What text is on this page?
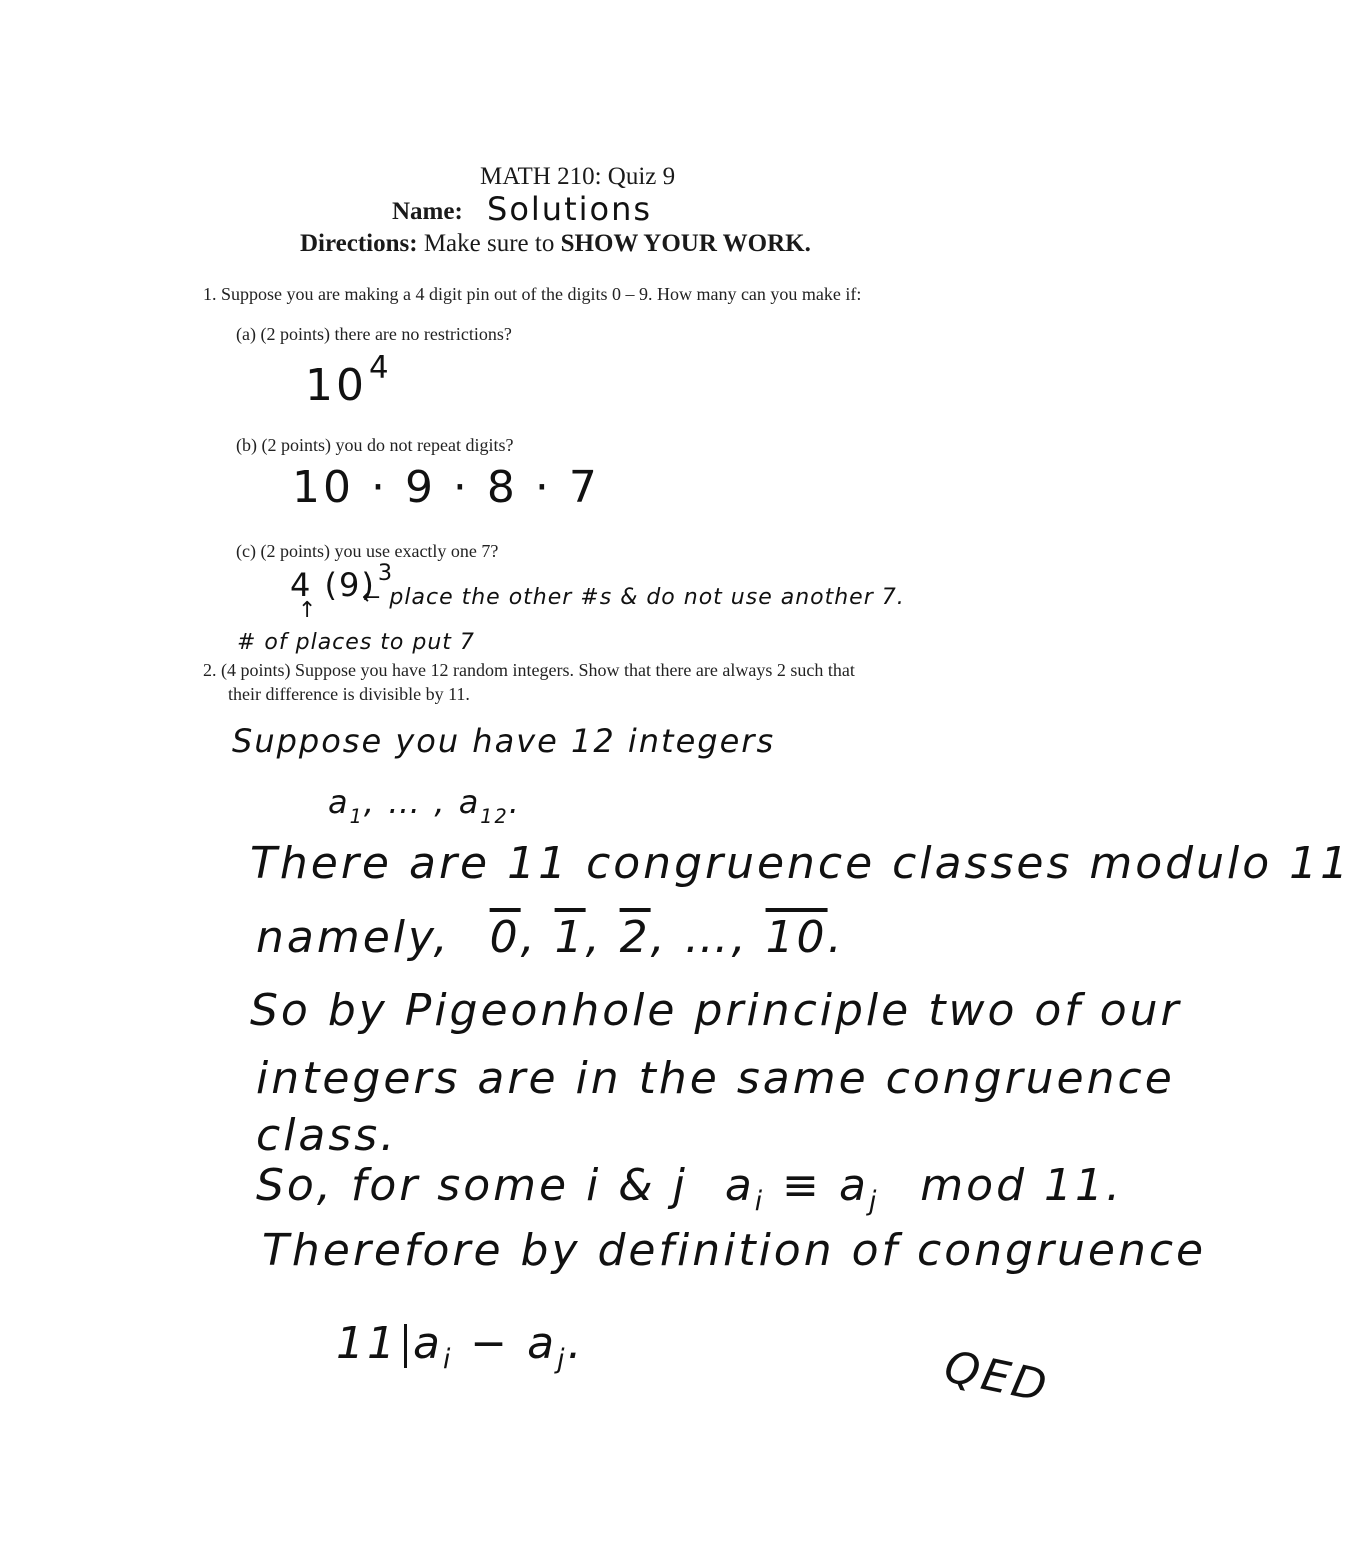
MATH 210: Quiz 9
Name: Solutions
Directions: Make sure to SHOW YOUR WORK.
1. Suppose you are making a 4 digit pin out of the digits 0 – 9. How many can you make if:
(a) (2 points) there are no restrictions?
$10^4$
(b) (2 points) you do not repeat digits?
10 · 9 · 8 · 7
(c) (2 points) you use exactly one 7?
4 $(9)^3$
← place the other #s & do not use another 7.
↑
# of places to put 7
2. (4 points) Suppose you have 12 random integers. Show that there are always 2 such that
their difference is divisible by 11.
Suppose you have 12 integers
$a_1$, … , $a_{12}$.
There are 11 congruence classes modulo 11
namely, 0, 1, 2, …, 10.
So by Pigeonhole principle two of our
integers are in the same congruence
class.
So, for some i & j $a_i \equiv a_j$ mod 11.
Therefore by definition of congruence
11 $a_i - a_j$.	QED
